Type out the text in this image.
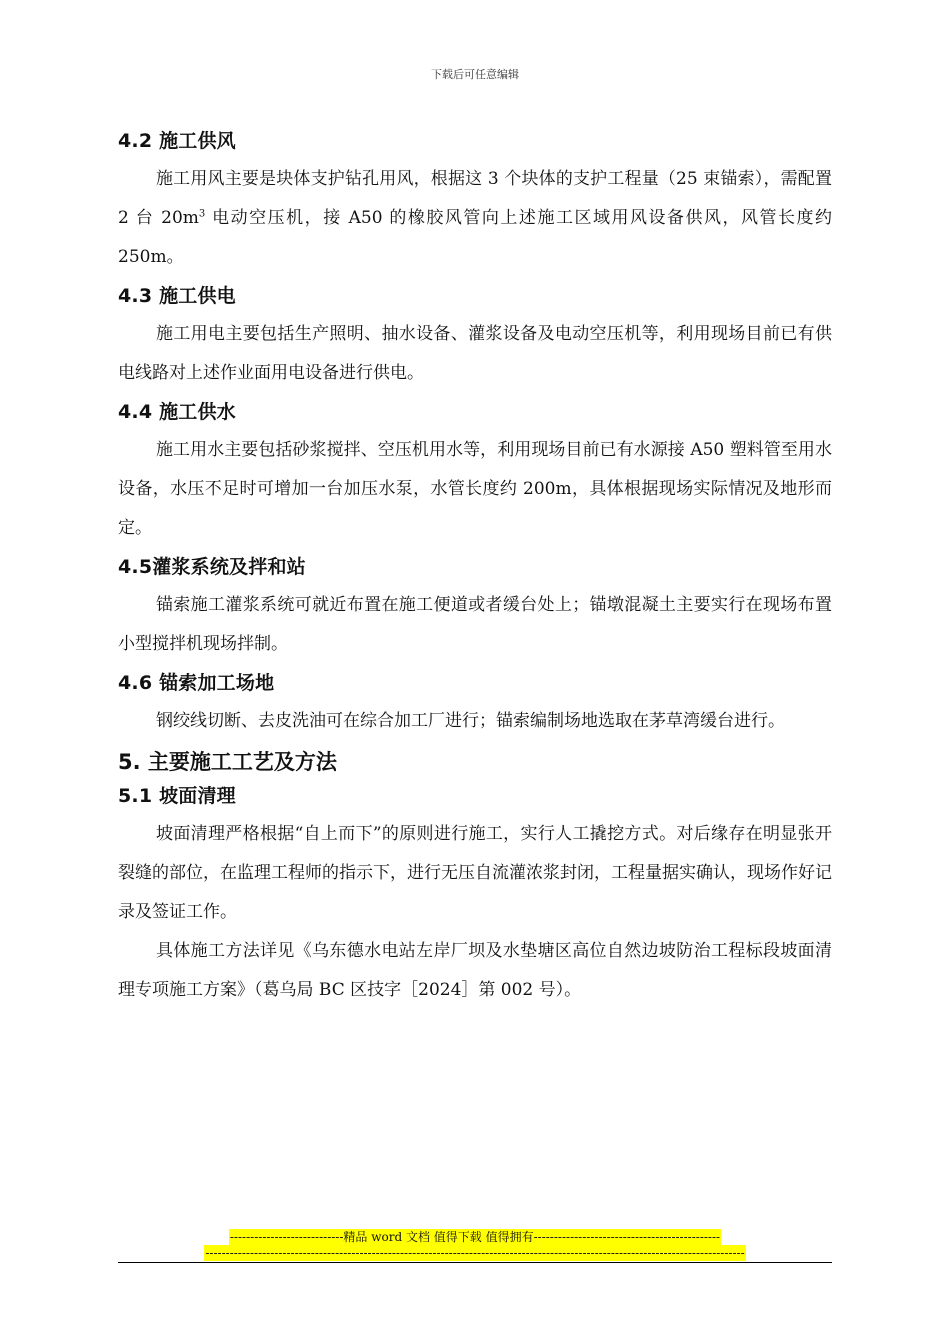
下载后可任意编辑
4.2 施工供风

施工用风主要是块体支护钻孔用风，根据这 3 个块体的支护工程量（25 束锚索），需配置 2 台 $20m^3$ 电动空压机，接 A50 的橡胶风管向上述施工区域用风设备供风，风管长度约 250m。

4.3 施工供电

施工用电主要包括生产照明、抽水设备、灌浆设备及电动空压机等，利用现场目前已有供电线路对上述作业面用电设备进行供电。

4.4 施工供水

施工用水主要包括砂浆搅拌、空压机用水等，利用现场目前已有水源接 A50 塑料管至用水设备，水压不足时可增加一台加压水泵，水管长度约 200m，具体根据现场实际情况及地形而定。

4.5灌浆系统及拌和站

锚索施工灌浆系统可就近布置在施工便道或者缓台处上；锚墩混凝土主要实行在现场布置小型搅拌机现场拌制。

4.6 锚索加工场地

钢绞线切断、去皮洗油可在综合加工厂进行；锚索编制场地选取在茅草湾缓台进行。

5. 主要施工工艺及方法
5.1 坡面清理

坡面清理严格根据“自上而下”的原则进行施工，实行人工撬挖方式。对后缘存在明显张开裂缝的部位，在监理工程师的指示下，进行无压自流灌浓浆封闭，工程量据实确认，现场作好记录及签证工作。

具体施工方法详见《乌东德水电站左岸厂坝及水垫塘区高位自然边坡防治工程标段坡面清理专项施工方案》（葛乌局 BC 区技字［2024］第 002 号）。

----------------------------精品 word 文档 值得下载 值得拥有----------------------------------------------
-------------------------------------------------------------------------------------------------------------------------------------
